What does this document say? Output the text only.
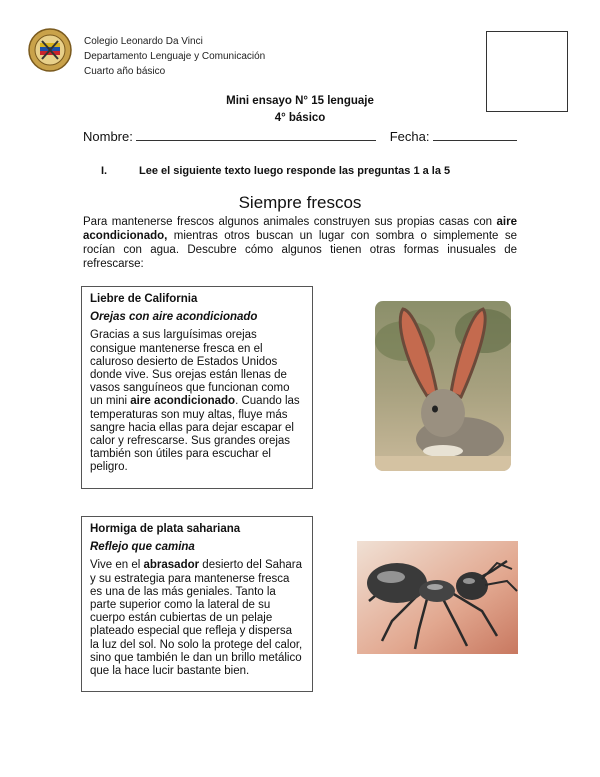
Colegio Leonardo Da Vinci
Departamento Lenguaje y Comunicación
Cuarto año básico
Mini ensayo N° 15 lenguaje
4° básico
Nombre:	Fecha:
I.	Lee el siguiente texto luego responde las preguntas 1 a la 5
Siempre frescos
Para mantenerse frescos algunos animales construyen sus propias casas con aire acondicionado, mientras otros buscan un lugar con sombra o simplemente se rocían con agua. Descubre cómo algunos tienen otras formas inusuales de refrescarse:
Liebre de California
Orejas con aire acondicionado
Gracias a sus larguísimas orejas consigue mantenerse fresca en el caluroso desierto de Estados Unidos donde vive. Sus orejas están llenas de vasos sanguíneos que funcionan como un mini aire acondicionado. Cuando las temperaturas son muy altas, fluye más sangre hacia ellas para dejar escapar el calor y refrescarse. Sus grandes orejas también son útiles para escuchar el peligro.
Hormiga de plata sahariana
Reflejo que camina
Vive en el abrasador desierto del Sahara y su estrategia para mantenerse fresca es una de las más geniales. Tanto la parte superior como la lateral de su cuerpo están cubiertas de un pelaje plateado especial que refleja y dispersa la luz del sol. No solo la protege del calor, sino que también le dan un brillo metálico que la hace lucir bastante bien.
